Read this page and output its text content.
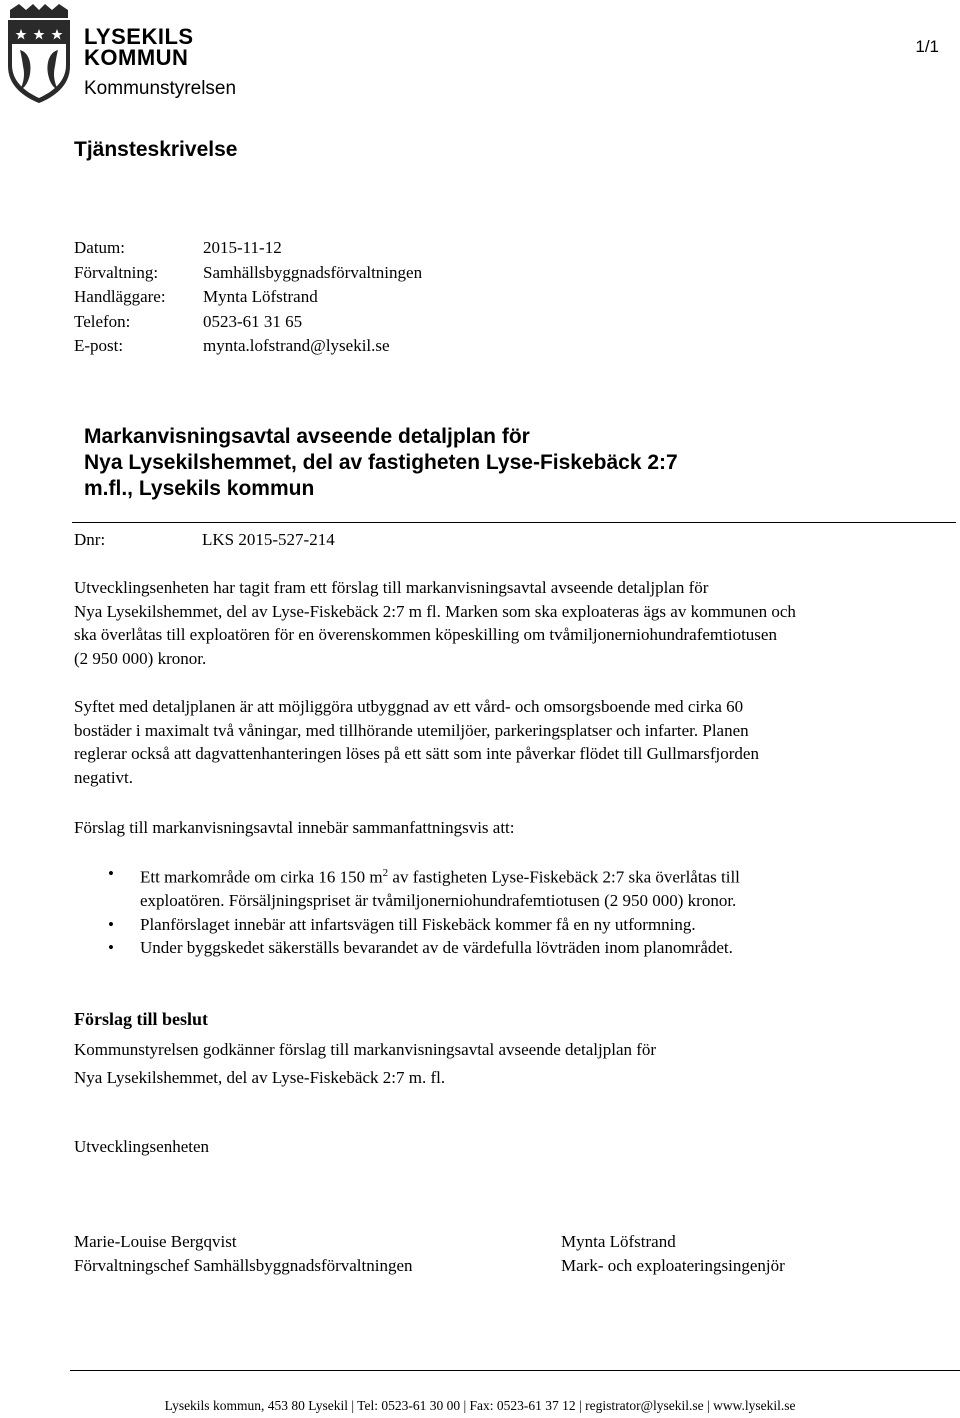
LYSEKILS
KOMMUN
Kommunstyrelsen
1/1
Tjänsteskrivelse
Datum:	2015-11-12
Förvaltning:	Samhällsbyggnadsförvaltningen
Handläggare:	Mynta Löfstrand
Telefon:	0523-61 31 65
E-post:	mynta.lofstrand@lysekil.se
Markanvisningsavtal avseende detaljplan för
Nya Lysekilshemmet, del av fastigheten Lyse-Fiskebäck 2:7
m.fl., Lysekils kommun
Dnr:	LKS 2015-527-214

Utvecklingsenheten har tagit fram ett förslag till markanvisningsavtal avseende detaljplan för

Nya Lysekilshemmet, del av Lyse-Fiskebäck 2:7 m fl. Marken som ska exploateras ägs av kommunen och

ska överlåtas till exploatören för en överenskommen köpeskilling om tvåmiljonerniohundrafemtiotusen

(2 950 000) kronor.

Syftet med detaljplanen är att möjliggöra utbyggnad av ett vård- och omsorgsboende med cirka 60

bostäder i maximalt två våningar, med tillhörande utemiljöer, parkeringsplatser och infarter. Planen

reglerar också att dagvattenhanteringen löses på ett sätt som inte påverkar flödet till Gullmarsfjorden

negativt.

Förslag till markanvisningsavtal innebär sammanfattningsvis att:
• Ett markområde om cirka 16 150 $m^2$ av fastigheten Lyse-Fiskebäck 2:7 ska överlåtas till
exploatören. Försäljningspriset är tvåmiljonerniohundrafemtiotusen (2 950 000) kronor.
• Planförslaget innebär att infartsvägen till Fiskebäck kommer få en ny utformning.
• Under byggskedet säkerställs bevarandet av de värdefulla lövträden inom planområdet.
Förslag till beslut

Kommunstyrelsen godkänner förslag till markanvisningsavtal avseende detaljplan för

Nya Lysekilshemmet, del av Lyse-Fiskebäck 2:7 m. fl.

Utvecklingsenheten
Marie-Louise Bergqvist
Förvaltningschef Samhällsbyggnadsförvaltningen
Mynta Löfstrand
Mark- och exploateringsingenjör
Lysekils kommun, 453 80 Lysekil | Tel: 0523-61 30 00 | Fax: 0523-61 37 12 | registrator@lysekil.se | www.lysekil.se
